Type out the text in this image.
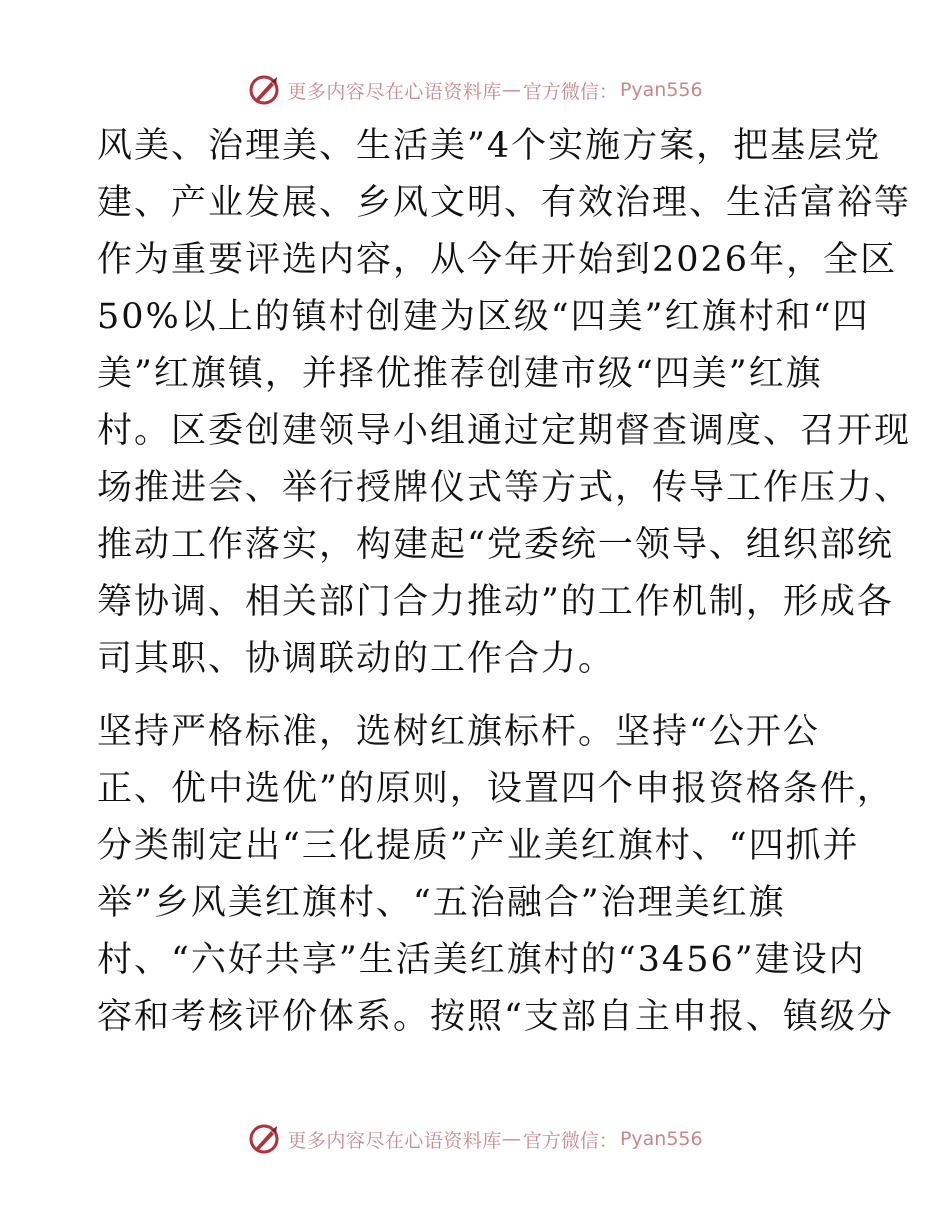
更多内容尽在心语资料库 — 官方微信： Pyan556
风美、治理美、生活美”4个实施方案，把基层党
建、产业发展、乡风文明、有效治理、生活富裕等
作为重要评选内容，从今年开始到2026年，全区
50%以上的镇村创建为区级“四美”红旗村和“四
美”红旗镇，并择优推荐创建市级“四美”红旗
村。区委创建领导小组通过定期督查调度、召开现
场推进会、举行授牌仪式等方式，传导工作压力、
推动工作落实，构建起“党委统一领导、组织部统
筹协调、相关部门合力推动”的工作机制，形成各
司其职、协调联动的工作合力。
坚持严格标准，选树红旗标杆。坚持“公开公
正、优中选优”的原则，设置四个申报资格条件，
分类制定出“三化提质”产业美红旗村、“四抓并
举”乡风美红旗村、“五治融合”治理美红旗
村、“六好共享”生活美红旗村的“3456”建设内
容和考核评价体系。按照“支部自主申报、镇级分
更多内容尽在心语资料库 — 官方微信： Pyan556
